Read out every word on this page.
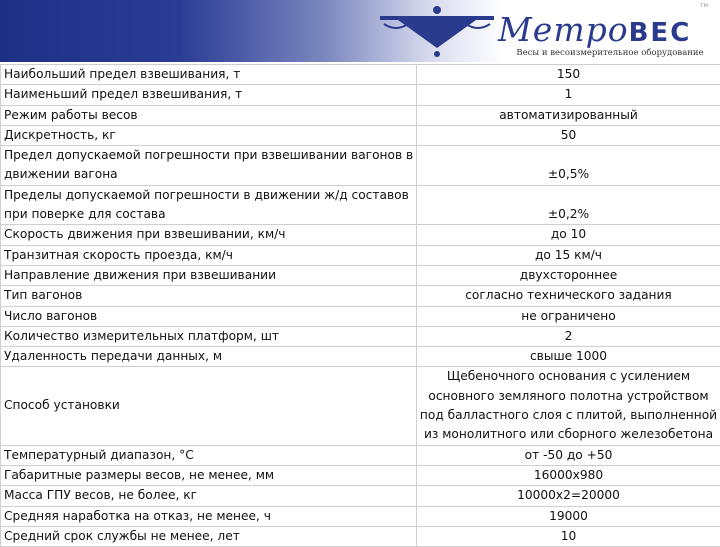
МетроВЕС
Весы и весоизмерительное оборудование
тм
Наибольший предел взвешивания, т	150
Наименьший предел взвешивания, т	1
Режим работы весов	автоматизированный
Дискретность, кг	50
Предел допускаемой погрешности при взвешивании вагонов в движении вагона	±0,5%
Пределы допускаемой погрешности в движении ж/д составов при поверке для состава	±0,2%
Скорость движения при взвешивании, км/ч	до 10
Транзитная скорость проезда, км/ч	до 15 км/ч
Направление движения при взвешивании	двухстороннее
Тип вагонов	согласно технического задания
Число вагонов	не ограничено
Количество измерительных платформ, шт	2
Удаленность передачи данных, м	свыше 1000
Способ установки	Щебеночного основания с усилением основного земляного полотна устройством под балластного слоя с плитой, выполненной из монолитного или сборного железобетона
Температурный диапазон, °С	от -50 до +50
Габаритные размеры весов, не менее, мм	16000х980
Масса ГПУ весов, не более, кг	10000х2=20000
Средняя наработка на отказ, не менее, ч	19000
Средний срок службы не менее, лет	10
